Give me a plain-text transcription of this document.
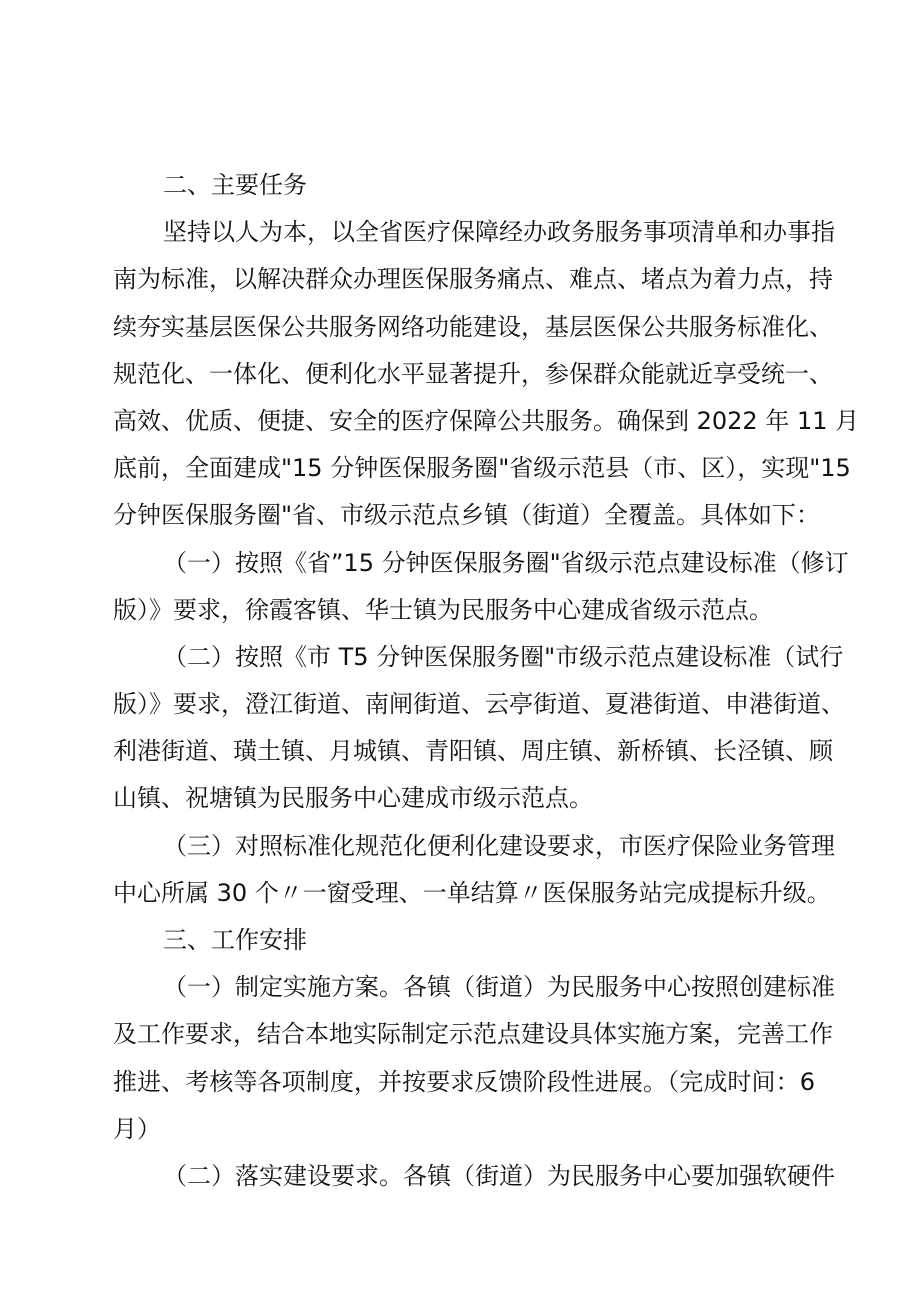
二、主要任务
坚持以人为本，以全省医疗保障经办政务服务事项清单和办事指
南为标准，以解决群众办理医保服务痛点、难点、堵点为着力点，持
续夯实基层医保公共服务网络功能建设，基层医保公共服务标准化、
规范化、一体化、便利化水平显著提升，参保群众能就近享受统一、
高效、优质、便捷、安全的医疗保障公共服务。确保到 2022 年 11 月
底前，全面建成"15 分钟医保服务圈"省级示范县（市、区），实现"15
分钟医保服务圈"省、市级示范点乡镇（街道）全覆盖。具体如下：
（一）按照《省”15 分钟医保服务圈"省级示范点建设标准（修订
版）》要求，徐霞客镇、华士镇为民服务中心建成省级示范点。
（二）按照《市 T5 分钟医保服务圈"市级示范点建设标准（试行
版）》要求，澄江街道、南闸街道、云亭街道、夏港街道、申港街道、
利港街道、璜土镇、月城镇、青阳镇、周庄镇、新桥镇、长泾镇、顾
山镇、祝塘镇为民服务中心建成市级示范点。
（三）对照标准化规范化便利化建设要求，市医疗保险业务管理
中心所属 30 个〃一窗受理、一单结算〃医保服务站完成提标升级。
三、工作安排
（一）制定实施方案。各镇（街道）为民服务中心按照创建标准
及工作要求，结合本地实际制定示范点建设具体实施方案，完善工作
推进、考核等各项制度，并按要求反馈阶段性进展。（完成时间：6
月）
（二）落实建设要求。各镇（街道）为民服务中心要加强软硬件
